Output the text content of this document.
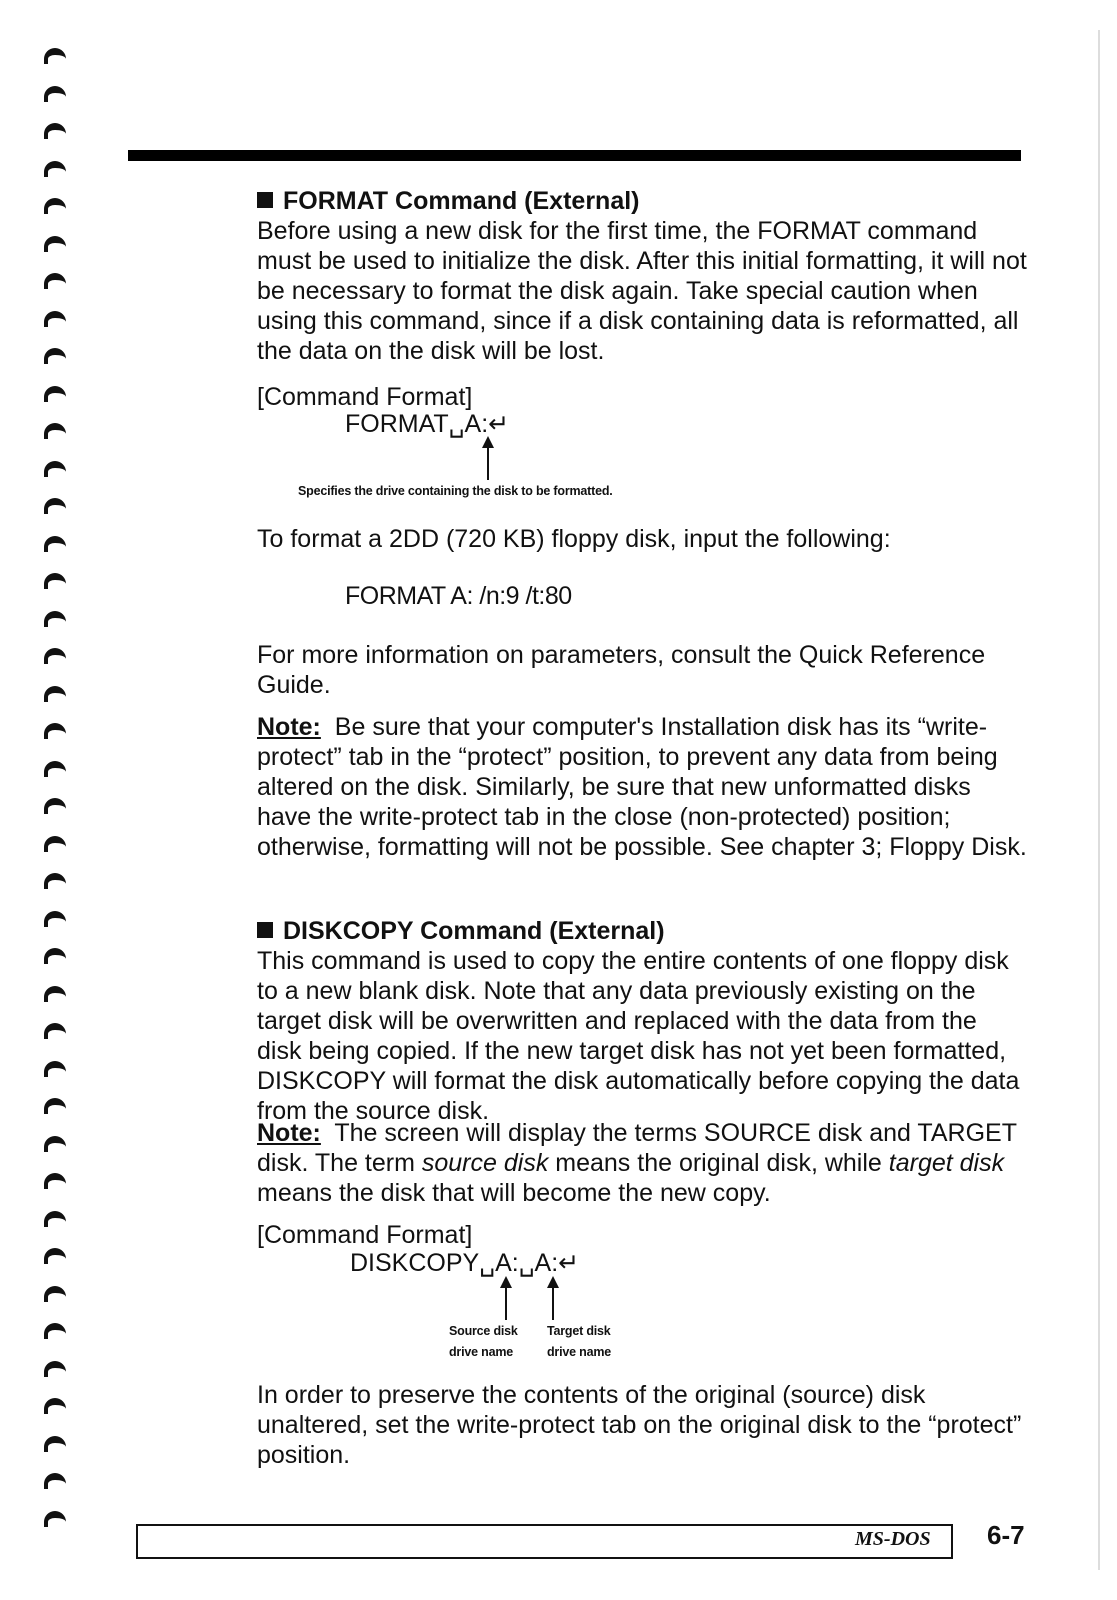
FORMAT Command (External)
Before using a new disk for the first time, the FORMAT command must be used to initialize the disk. After this initial formatting, it will not be necessary to format the disk again. Take special caution when using this command, since if a disk containing data is reformatted, all the data on the disk will be lost.
[Command Format]
FORMAT␣A:↵
Specifies the drive containing the disk to be formatted.
To format a 2DD (720 KB) floppy disk, input the following:
FORMAT A: /n:9 /t:80
For more information on parameters, consult the Quick Reference Guide.
Note: Be sure that your computer's Installation disk has its “write-protect” tab in the “protect” position, to prevent any data from being altered on the disk. Similarly, be sure that new unformatted disks have the write-protect tab in the close (non-protected) position; otherwise, formatting will not be possible. See chapter 3; Floppy Disk.
DISKCOPY Command (External)
This command is used to copy the entire contents of one floppy disk to a new blank disk. Note that any data previously existing on the target disk will be overwritten and replaced with the data from the disk being copied. If the new target disk has not yet been formatted, DISKCOPY will format the disk automatically before copying the data from the source disk.
Note: The screen will display the terms SOURCE disk and TARGET disk. The term source disk means the original disk, while target disk means the disk that will become the new copy.
[Command Format]
DISKCOPY␣A:␣A:↵
Source disk
drive name
Target disk
drive name
In order to preserve the contents of the original (source) disk unaltered, set the write-protect tab on the original disk to the “protect” position.
MS-DOS 6-7
